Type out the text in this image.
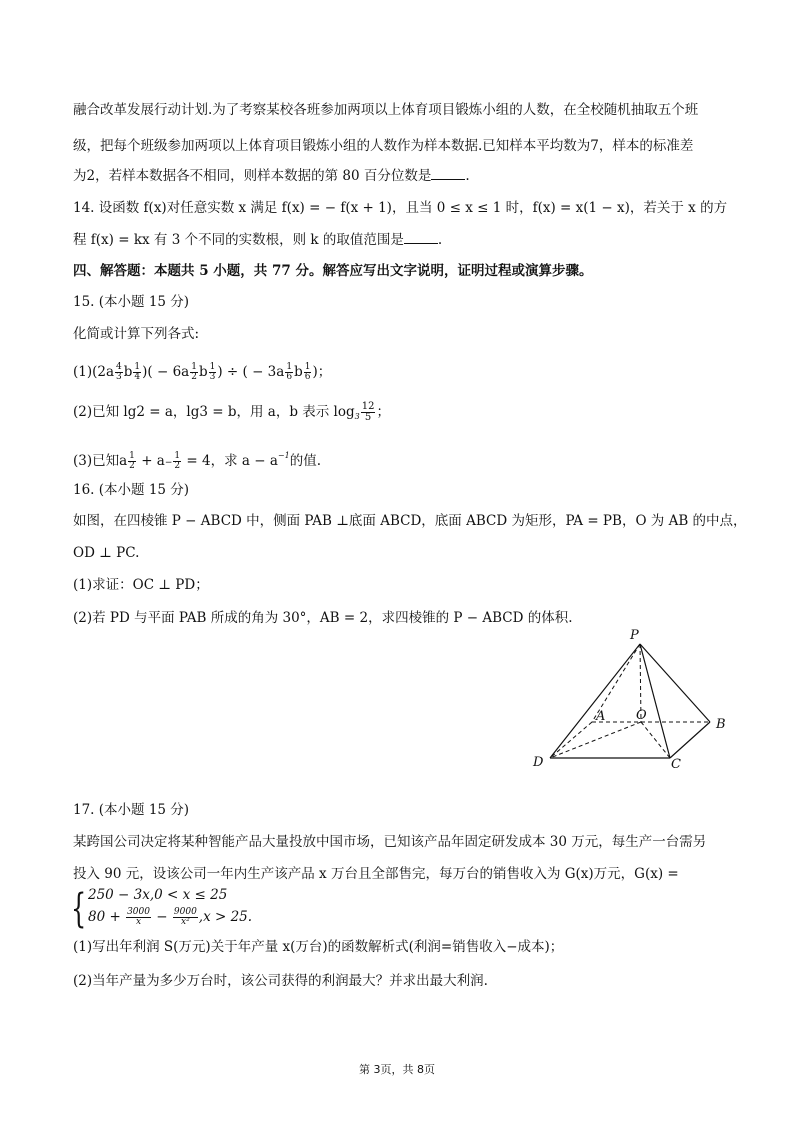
融合改革发展行动计划.为了考察某校各班参加两项以上体育项目锻炼小组的人数，在全校随机抽取五个班
级，把每个班级参加两项以上体育项目锻炼小组的人数作为样本数据.已知样本平均数为7，样本的标准差
为2，若样本数据各不相同，则样本数据的第 80 百分位数是	.
14. 设函数 f(x)对任意实数 x 满足 f(x) = − f(x + 1)，且当 0 ≤ x ≤ 1 时，f(x) = x(1 − x)，若关于 x 的方
程 f(x) = kx 有 3 个不同的实数根，则 k 的取值范围是	.
四、解答题：本题共 5 小题，共 77 分。解答应写出文字说明，证明过程或演算步骤。
15. (本小题 15 分)
化简或计算下列各式:
$(1)(2a \frac{4}{3}$ b $\frac{1}{4}$ )( − $6a \frac{1}{2}$ b $\frac{1}{3}$ ) ÷ ( − $3a \frac{1}{6}$ b $\frac{1}{6}$ )；
(2)已知 lg2 = a，lg3 = b，用 a，b 表示 $\log_3 \frac{12}{5}$ ；
(3)已知a $\frac{1}{2} + a- \frac{1}{2} = 4$，求 $a - a^{-1}$的值.
16. (本小题 15 分)
如图，在四棱锥 P − ABCD 中，侧面 PAB ⊥底面 ABCD，底面 ABCD 为矩形，PA = PB，O 为 AB 的中点，
OD ⊥ PC.
(1)求证：OC ⊥ PD；
(2)若 PD 与平面 PAB 所成的角为 30°，AB = 2，求四棱锥的 P − ABCD 的体积.
P
A O
B
D	C
17. (本小题 15 分)
某跨国公司决定将某种智能产品大量投放中国市场，已知该产品年固定研发成本 30 万元，每生产一台需另
投入 90 元，设该公司一年内生产该产品 x 万台且全部售完，每万台的销售收入为 G(x)万元，G(x) =
{ 250 − 3x,0 < x ≤ 25
$80 + \frac{3000}{x} - \frac{9000}{\text{x²}} ,x > 25$.
(1)写出年利润 S(万元)关于年产量 x(万台)的函数解析式(利润=销售收入−成本)；
(2)当年产量为多少万台时，该公司获得的利润最大？并求出最大利润.
第 3页，共 8页
